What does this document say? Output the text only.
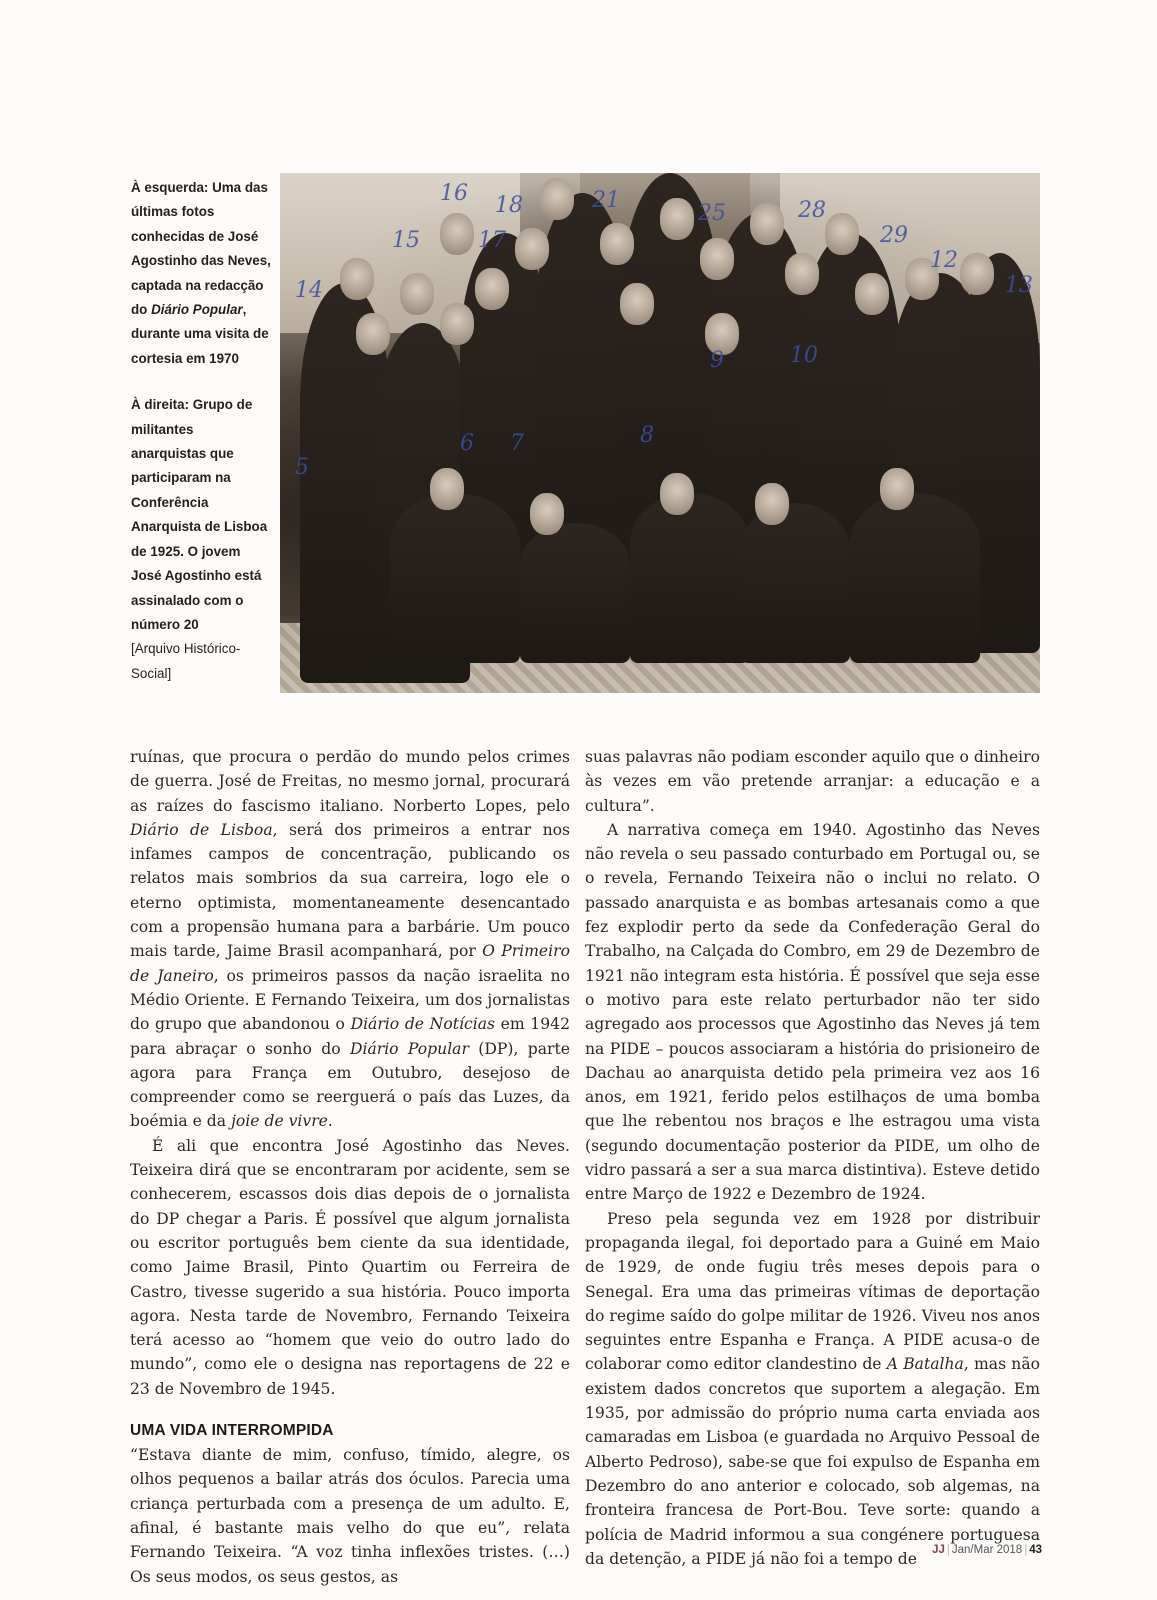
À esquerda: Uma das últimas fotos conhecidas de José Agostinho das Neves, captada na redacção do Diário Popular, durante uma visita de cortesia em 1970
À direita: Grupo de militantes anarquistas que participaram na Conferência Anarquista de Lisboa de 1925. O jovem José Agostinho está assinalado com o número 20
[Arquivo Histórico-Social]
16 18	21
25	28
29
12
13
15	17
14
5
6 7	8
9	10

ruínas, que procura o perdão do mundo pelos crimes de guerra. José de Freitas, no mesmo jornal, procurará as raízes do fascismo italiano. Norberto Lopes, pelo Diário de Lisboa, será dos primeiros a entrar nos infames campos de concentração, publicando os relatos mais sombrios da sua carreira, logo ele o eterno optimista, momentaneamente desencantado com a propensão humana para a barbárie. Um pouco mais tarde, Jaime Brasil acompanhará, por O Primeiro de Janeiro, os primeiros passos da nação israelita no Médio Oriente. E Fernando Teixeira, um dos jornalistas do grupo que abandonou o Diário de Notícias em 1942 para abraçar o sonho do Diário Popular (DP), parte agora para França em Outubro, desejoso de compreender como se reerguerá o país das Luzes, da boémia e da joie de vivre.

É ali que encontra José Agostinho das Neves. Teixeira dirá que se encontraram por acidente, sem se conhecerem, escassos dois dias depois de o jornalista do DP chegar a Paris. É possível que algum jornalista ou escritor português bem ciente da sua identidade, como Jaime Brasil, Pinto Quartim ou Ferreira de Castro, tivesse sugerido a sua história. Pouco importa agora. Nesta tarde de Novembro, Fernando Teixeira terá acesso ao “homem que veio do outro lado do mundo”, como ele o designa nas reportagens de 22 e 23 de Novembro de 1945.

UMA VIDA INTERROMPIDA

“Estava diante de mim, confuso, tímido, alegre, os olhos pequenos a bailar atrás dos óculos. Parecia uma criança perturbada com a presença de um adulto. E, afinal, é bastante mais velho do que eu”, relata Fernando Teixeira. “A voz tinha inflexões tristes. (…) Os seus modos, os seus gestos, as

suas palavras não podiam esconder aquilo que o dinheiro às vezes em vão pretende arranjar: a educação e a cultura”.

A narrativa começa em 1940. Agostinho das Neves não revela o seu passado conturbado em Portugal ou, se o revela, Fernando Teixeira não o inclui no relato. O passado anarquista e as bombas artesanais como a que fez explodir perto da sede da Confederação Geral do Trabalho, na Calçada do Combro, em 29 de Dezembro de 1921 não integram esta história. É possível que seja esse o motivo para este relato perturbador não ter sido agregado aos processos que Agostinho das Neves já tem na PIDE – poucos associaram a história do prisioneiro de Dachau ao anarquista detido pela primeira vez aos 16 anos, em 1921, ferido pelos estilhaços de uma bomba que lhe rebentou nos braços e lhe estragou uma vista (segundo documentação posterior da PIDE, um olho de vidro passará a ser a sua marca distintiva). Esteve detido entre Março de 1922 e Dezembro de 1924.

Preso pela segunda vez em 1928 por distribuir propaganda ilegal, foi deportado para a Guiné em Maio de 1929, de onde fugiu três meses depois para o Senegal. Era uma das primeiras vítimas de deportação do regime saído do golpe militar de 1926. Viveu nos anos seguintes entre Espanha e França. A PIDE acusa-o de colaborar como editor clandestino de A Batalha, mas não existem dados concretos que suportem a alegação. Em 1935, por admissão do próprio numa carta enviada aos camaradas em Lisboa (e guardada no Arquivo Pessoal de Alberto Pedroso), sabe-se que foi expulso de Espanha em Dezembro do ano anterior e colocado, sob algemas, na fronteira francesa de Port-Bou. Teve sorte: quando a polícia de Madrid informou a sua congénere portuguesa da detenção, a PIDE já não foi a tempo de	JJ | Jan/Mar 2018 | 43
